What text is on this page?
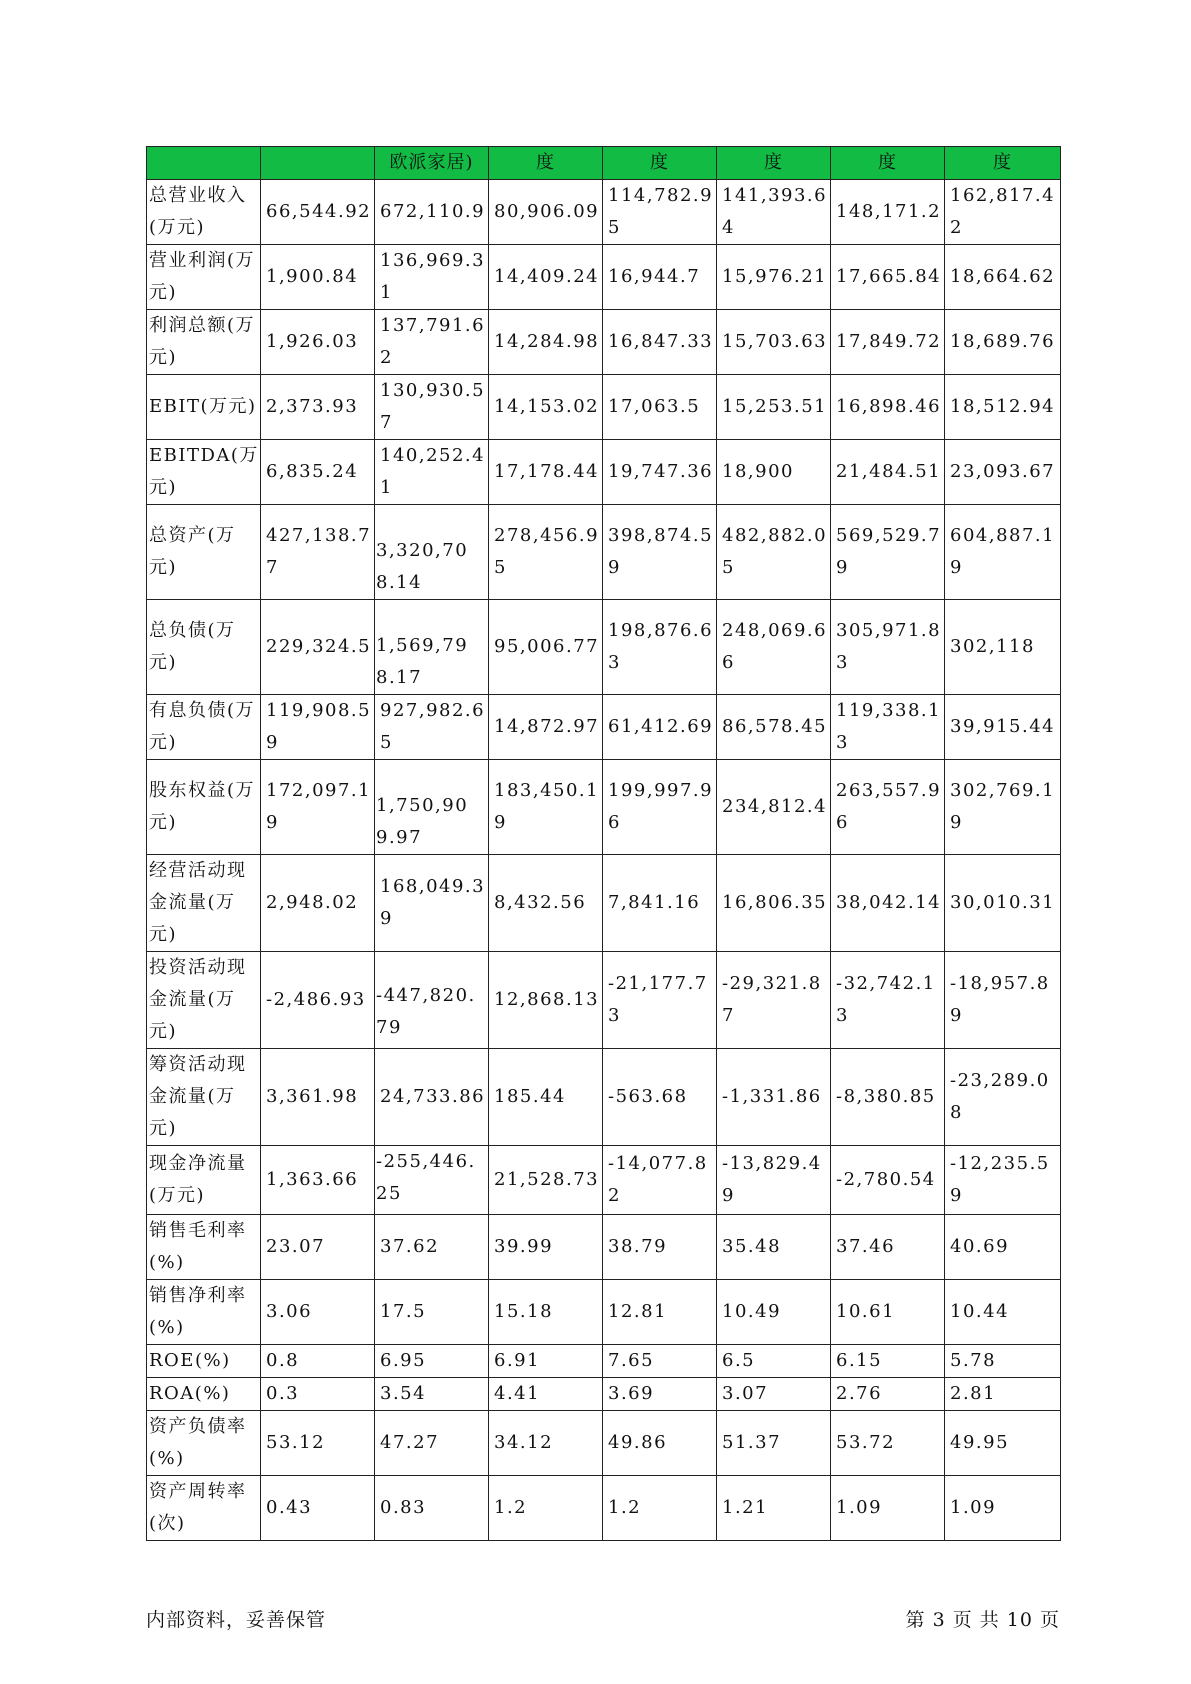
		欧派家居)	度	度	度	度	度
总营业收入(万元)	66,544.92	672,110.9	80,906.09	114,782.95	141,393.64	148,171.2	162,817.42
营业利润(万元)	1,900.84	136,969.31	14,409.24	16,944.7	15,976.21	17,665.84	18,664.62
利润总额(万元)	1,926.03	137,791.62	14,284.98	16,847.33	15,703.63	17,849.72	18,689.76
EBIT(万元)	2,373.93	130,930.57	14,153.02	17,063.5	15,253.51	16,898.46	18,512.94
EBITDA(万元)	6,835.24	140,252.41	17,178.44	19,747.36	18,900	21,484.51	23,093.67
总资产(万元)	427,138.77	3,320,708.14	278,456.95	398,874.59	482,882.05	569,529.79	604,887.19
总负债(万元)	229,324.5	1,569,798.17	95,006.77	198,876.63	248,069.66	305,971.83	302,118
有息负债(万元)	119,908.59	927,982.65	14,872.97	61,412.69	86,578.45	119,338.13	39,915.44
股东权益(万元)	172,097.19	1,750,909.97	183,450.19	199,997.96	234,812.4	263,557.96	302,769.19
经营活动现金流量(万元)	2,948.02	168,049.39	8,432.56	7,841.16	16,806.35	38,042.14	30,010.31
投资活动现金流量(万元)	-2,486.93	-447,820.79	12,868.13	-21,177.73	-29,321.87	-32,742.13	-18,957.89
筹资活动现金流量(万元)	3,361.98	24,733.86	185.44	-563.68	-1,331.86	-8,380.85	-23,289.08
现金净流量(万元)	1,363.66	-255,446.25	21,528.73	-14,077.82	-13,829.49	-2,780.54	-12,235.59
销售毛利率(%)	23.07	37.62	39.99	38.79	35.48	37.46	40.69
销售净利率(%)	3.06	17.5	15.18	12.81	10.49	10.61	10.44
ROE(%)	0.8	6.95	6.91	7.65	6.5	6.15	5.78
ROA(%)	0.3	3.54	4.41	3.69	3.07	2.76	2.81
资产负债率(%)	53.12	47.27	34.12	49.86	51.37	53.72	49.95
资产周转率(次)	0.43	0.83	1.2	1.2	1.21	1.09	1.09
内部资料，妥善保管	第 3 页 共 10 页
